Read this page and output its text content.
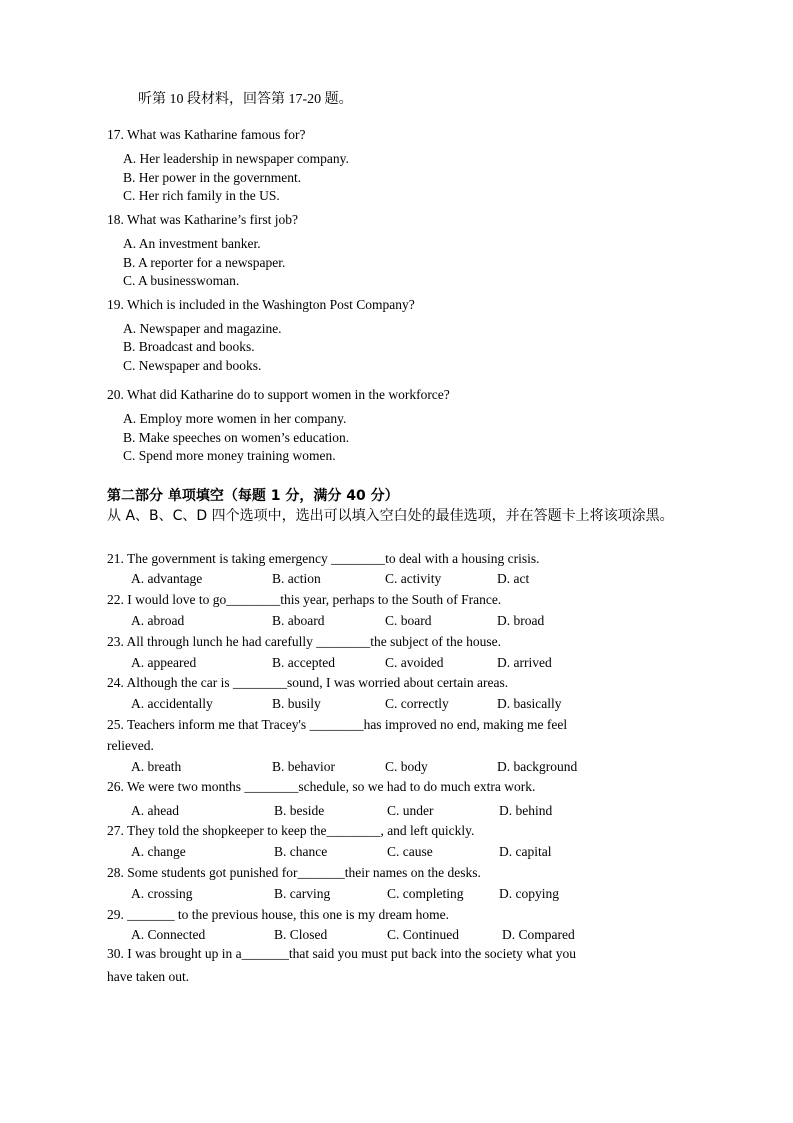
听第 10 段材料，回答第 17-20 题。
17. What was Katharine famous for?
A. Her leadership in newspaper company.
B. Her power in the government.
C. Her rich family in the US.
18. What was Katharine’s first job?
A. An investment banker.
B. A reporter for a newspaper.
C. A businesswoman.
19. Which is included in the Washington Post Company?
A. Newspaper and magazine.
B. Broadcast and books.
C. Newspaper and books.
20. What did Katharine do to support women in the workforce?
A. Employ more women in her company.
B. Make speeches on women’s education.
C. Spend more money training women.
第二部分 单项填空（每题 1 分，满分 40 分）
从 A、B、C、D 四个选项中，选出可以填入空白处的最佳选项，并在答题卡上将该项涂黑。
21. The government is taking emergency ________to deal with a housing crisis.
A. advantage	B. action	C. activity	D. act
22. I would love to go________this year, perhaps to the South of France.
A. abroad	B. aboard	C. board	D. broad
23. All through lunch he had carefully ________the subject of the house.
A. appeared	B. accepted	C. avoided	D. arrived
24. Although the car is ________sound, I was worried about certain areas.
A. accidentally	B. busily	C. correctly	D. basically
25. Teachers inform me that Tracey's ________has improved no end, making me feel
relieved.
A. breath	B. behavior	C. body	D. background
26. We were two months ________schedule, so we had to do much extra work.
A. ahead	B. beside	C. under	D. behind
27. They told the shopkeeper to keep the________, and left quickly.
A. change	B. chance	C. cause	D. capital
28. Some students got punished for_______their names on the desks.
A. crossing	B. carving	C. completing	D. copying
29. _______ to the previous house, this one is my dream home.
A. Connected	B. Closed	C. Continued	D. Compared
30. I was brought up in a_______that said you must put back into the society what you
have taken out.
